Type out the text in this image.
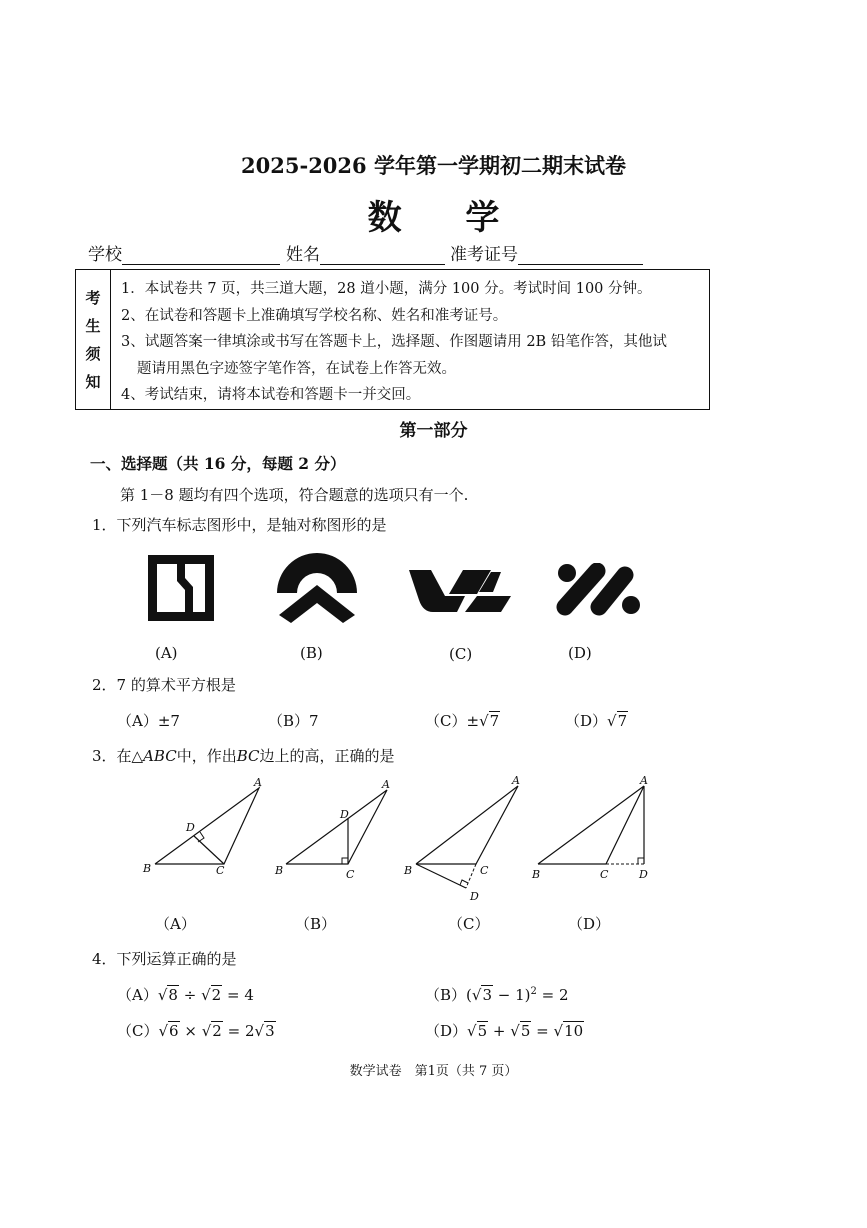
2025-2026 学年第一学期初二期末试卷
数 学
学校	姓名	准考证号
考
生
须
知
1．本试卷共 7 页，共三道大题，28 道小题，满分 100 分。考试时间 100 分钟。
2、在试卷和答题卡上准确填写学校名称、姓名和准考证号。
3、试题答案一律填涂或书写在答题卡上，选择题、作图题请用 2B 铅笔作答，其他试
题请用黑色字迹签字笔作答，在试卷上作答无效。
4、考试结束，请将本试卷和答题卡一并交回。
第一部分
一、选择题（共 16 分，每题 2 分）
第 1－8 题均有四个选项，符合题意的选项只有一个.
1．下列汽车标志图形中，是轴对称图形的是
(A)	(B)	(C)	(D)
2．7 的算术平方根是
（A）±7	（B）7	（C）±√7	（D）√7
3．在△ABC中，作出BC边上的高，正确的是
A
B	C
D
A
B	C
D
A
B	C
D
A
B	C	D
（A）	（B）	（C）	（D）
4．下列运算正确的是
（A）√8 ÷ √2 = 4	$(B)(√3 - 1)^2 = 2$
（C）√6 × √2 = 2√3	（D）√5 + √5 = √10
数学试卷　第1页（共 7 页）
